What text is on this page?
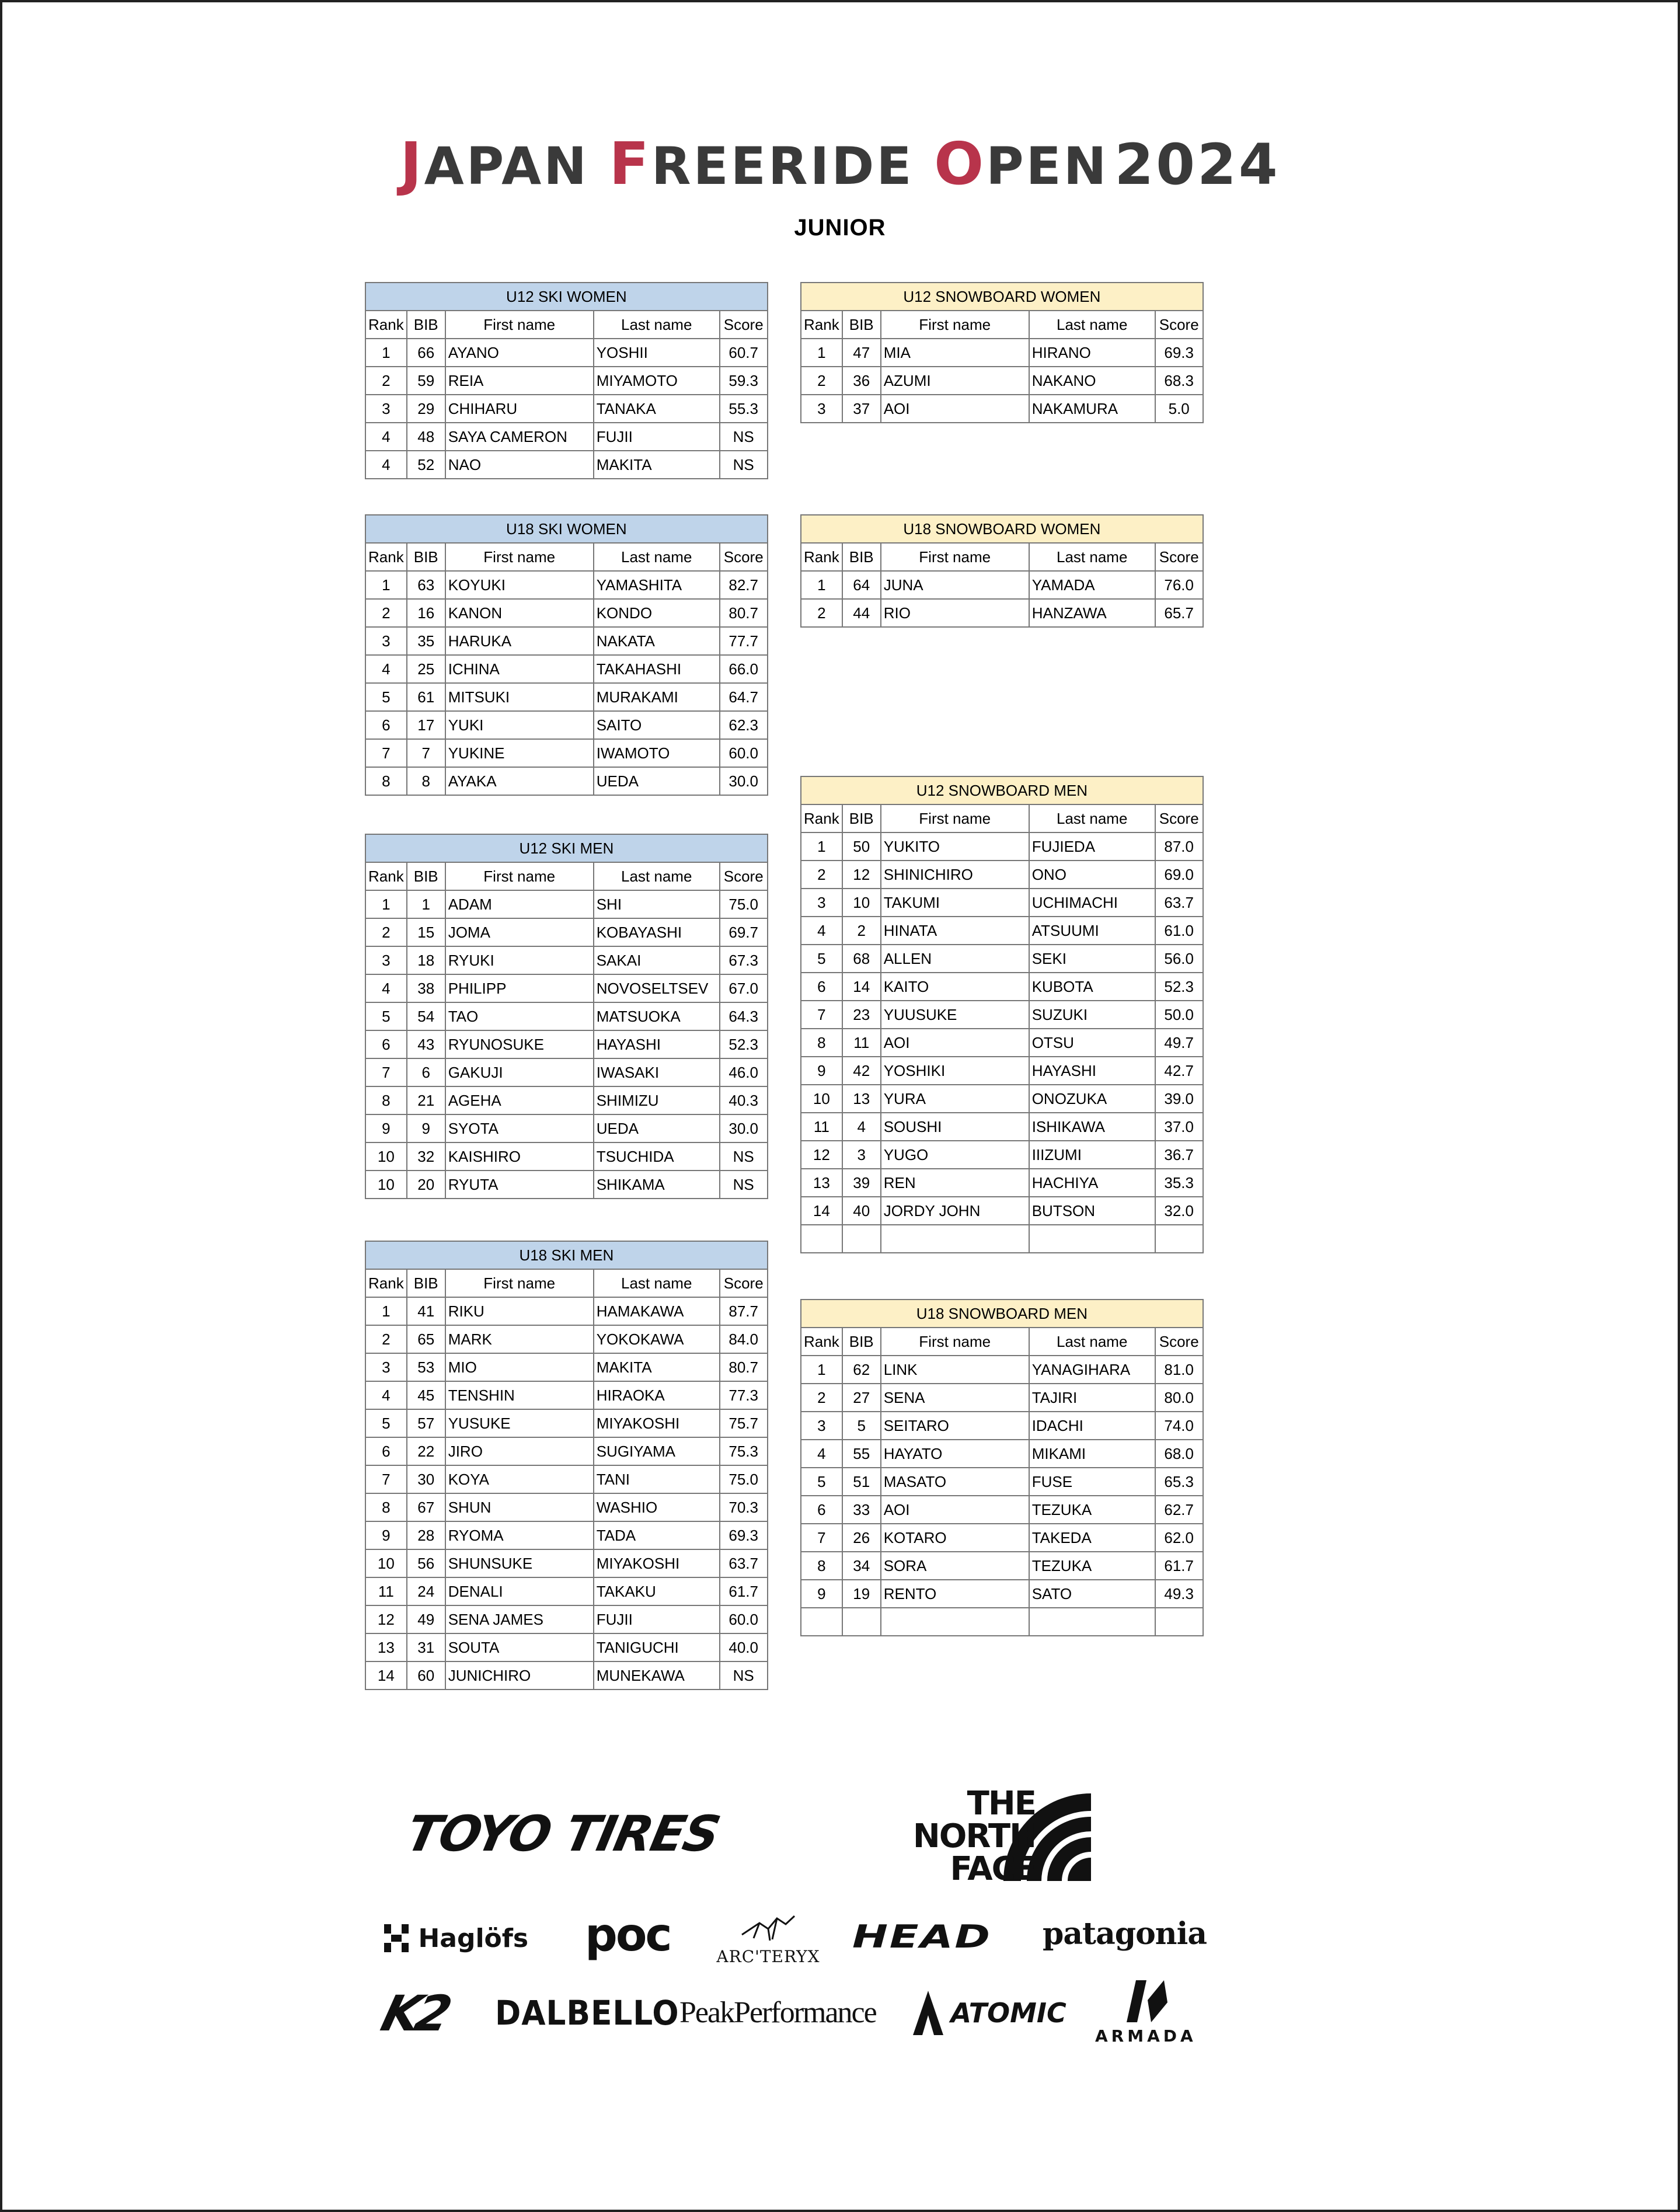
JAPAN FREERIDE OPEN 2024
JUNIOR
U12 SKI WOMEN				
Rank	BIB	First name	Last name	Score
1	66	AYANO	YOSHII	60.7
2	59	REIA	MIYAMOTO	59.3
3	29	CHIHARU	TANAKA	55.3
4	48	SAYA CAMERON	FUJII	NS
4	52	NAO	MAKITA	NS
U18 SKI WOMEN				
Rank	BIB	First name	Last name	Score
1	63	KOYUKI	YAMASHITA	82.7
2	16	KANON	KONDO	80.7
3	35	HARUKA	NAKATA	77.7
4	25	ICHINA	TAKAHASHI	66.0
5	61	MITSUKI	MURAKAMI	64.7
6	17	YUKI	SAITO	62.3
7	7	YUKINE	IWAMOTO	60.0
8	8	AYAKA	UEDA	30.0
U12 SKI MEN				
Rank	BIB	First name	Last name	Score
1	1	ADAM	SHI	75.0
2	15	JOMA	KOBAYASHI	69.7
3	18	RYUKI	SAKAI	67.3
4	38	PHILIPP	NOVOSELTSEV	67.0
5	54	TAO	MATSUOKA	64.3
6	43	RYUNOSUKE	HAYASHI	52.3
7	6	GAKUJI	IWASAKI	46.0
8	21	AGEHA	SHIMIZU	40.3
9	9	SYOTA	UEDA	30.0
10	32	KAISHIRO	TSUCHIDA	NS
10	20	RYUTA	SHIKAMA	NS
U18 SKI MEN				
Rank	BIB	First name	Last name	Score
1	41	RIKU	HAMAKAWA	87.7
2	65	MARK	YOKOKAWA	84.0
3	53	MIO	MAKITA	80.7
4	45	TENSHIN	HIRAOKA	77.3
5	57	YUSUKE	MIYAKOSHI	75.7
6	22	JIRO	SUGIYAMA	75.3
7	30	KOYA	TANI	75.0
8	67	SHUN	WASHIO	70.3
9	28	RYOMA	TADA	69.3
10	56	SHUNSUKE	MIYAKOSHI	63.7
11	24	DENALI	TAKAKU	61.7
12	49	SENA JAMES	FUJII	60.0
13	31	SOUTA	TANIGUCHI	40.0
14	60	JUNICHIRO	MUNEKAWA	NS
U12 SNOWBOARD WOMEN				
Rank	BIB	First name	Last name	Score
1	47	MIA	HIRANO	69.3
2	36	AZUMI	NAKANO	68.3
3	37	AOI	NAKAMURA	5.0
U18 SNOWBOARD WOMEN				
Rank	BIB	First name	Last name	Score
1	64	JUNA	YAMADA	76.0
2	44	RIO	HANZAWA	65.7
U12 SNOWBOARD MEN				
Rank	BIB	First name	Last name	Score
1	50	YUKITO	FUJIEDA	87.0
2	12	SHINICHIRO	ONO	69.0
3	10	TAKUMI	UCHIMACHI	63.7
4	2	HINATA	ATSUUMI	61.0
5	68	ALLEN	SEKI	56.0
6	14	KAITO	KUBOTA	52.3
7	23	YUUSUKE	SUZUKI	50.0
8	11	AOI	OTSU	49.7
9	42	YOSHIKI	HAYASHI	42.7
10	13	YURA	ONOZUKA	39.0
11	4	SOUSHI	ISHIKAWA	37.0
12	3	YUGO	IIIZUMI	36.7
13	39	REN	HACHIYA	35.3
14	40	JORDY JOHN	BUTSON	32.0

U18 SNOWBOARD MEN				
Rank	BIB	First name	Last name	Score
1	62	LINK	YANAGIHARA	81.0
2	27	SENA	TAJIRI	80.0
3	5	SEITARO	IDACHI	74.0
4	55	HAYATO	MIKAMI	68.0
5	51	MASATO	FUSE	65.3
6	33	AOI	TEZUKA	62.7
7	26	KOTARO	TAKEDA	62.0
8	34	SORA	TEZUKA	61.7
9	19	RENTO	SATO	49.3

TOYO TIRES
THE
NORTH
FACE
Haglöfs poc	ARC'TERYX
HEAD patagonia
K2 DALBELLO PeakPerformance	ATOMIC
ARMADA
